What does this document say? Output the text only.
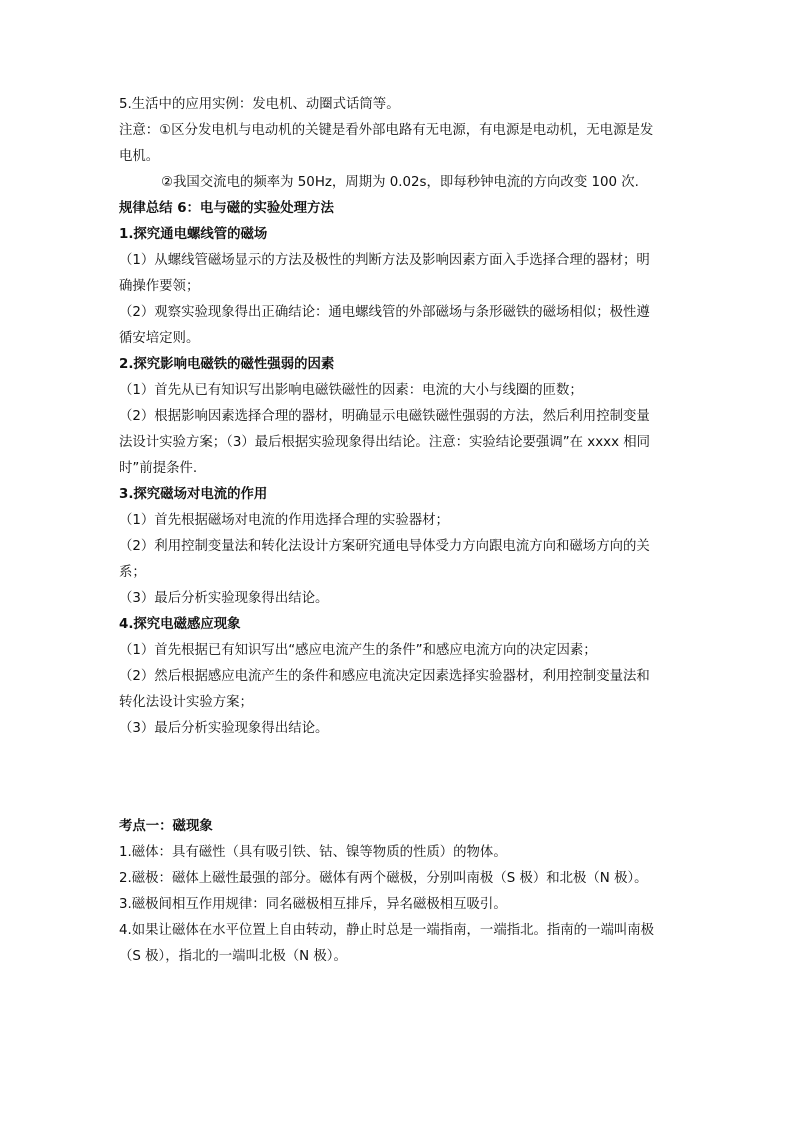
5.生活中的应用实例：发电机、动圈式话筒等。
注意：①区分发电机与电动机的关键是看外部电路有无电源，有电源是电动机，无电源是发
电机。
②我国交流电的频率为 50Hz，周期为 0.02s，即每秒钟电流的方向改变 100 次.
规律总结 6：电与磁的实验处理方法
1.探究通电螺线管的磁场
（1）从螺线管磁场显示的方法及极性的判断方法及影响因素方面入手选择合理的器材；明
确操作要领；
（2）观察实验现象得出正确结论：通电螺线管的外部磁场与条形磁铁的磁场相似；极性遵
循安培定则。
2.探究影响电磁铁的磁性强弱的因素
（1）首先从已有知识写出影响电磁铁磁性的因素：电流的大小与线圈的匝数；
（2）根据影响因素选择合理的器材，明确显示电磁铁磁性强弱的方法，然后利用控制变量
法设计实验方案；（3）最后根据实验现象得出结论。注意：实验结论要强调”在 xxxx 相同
时”前提条件.
3.探究磁场对电流的作用
（1）首先根据磁场对电流的作用选择合理的实验器材；
（2）利用控制变量法和转化法设计方案研究通电导体受力方向跟电流方向和磁场方向的关
系；
（3）最后分析实验现象得出结论。
4.探究电磁感应现象
（1）首先根据已有知识写出“感应电流产生的条件”和感应电流方向的决定因素；
（2）然后根据感应电流产生的条件和感应电流决定因素选择实验器材，利用控制变量法和
转化法设计实验方案；
（3）最后分析实验现象得出结论。
考点一：磁现象
1.磁体：具有磁性（具有吸引铁、钴、镍等物质的性质）的物体。
2.磁极：磁体上磁性最强的部分。磁体有两个磁极，分别叫南极（S 极）和北极（N 极）。
3.磁极间相互作用规律：同名磁极相互排斥，异名磁极相互吸引。
4.如果让磁体在水平位置上自由转动，静止时总是一端指南，一端指北。指南的一端叫南极
（S 极），指北的一端叫北极（N 极）。
